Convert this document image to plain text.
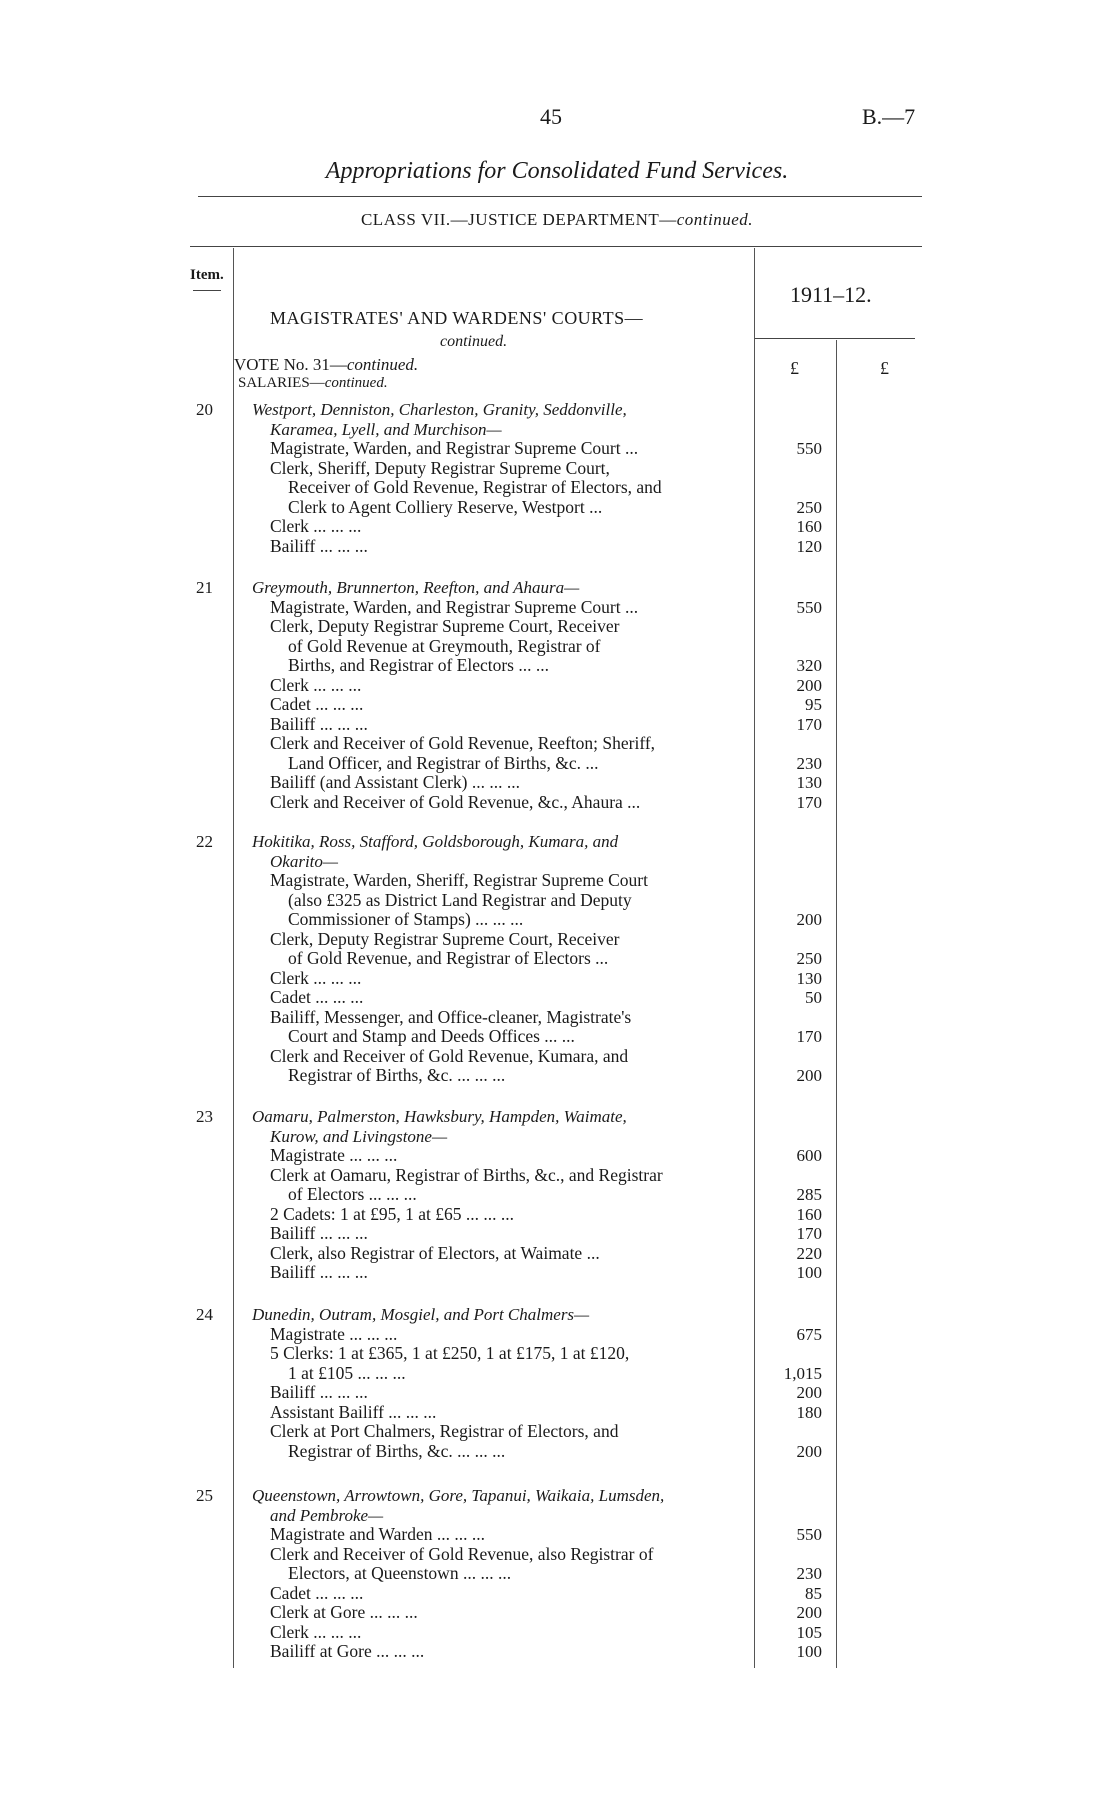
45	B.—7
Appropriations for Consolidated Fund Services.
CLASS VII.—JUSTICE DEPARTMENT—continued.
Item.
1911–12.
MAGISTRATES' AND WARDENS' COURTS—
continued.
VOTE No. 31—continued.
SALARIES—continued.
£	£
20 Westport, Denniston, Charleston, Granity, Seddonville,
Karamea, Lyell, and Murchison—
Magistrate, Warden, and Registrar Supreme Court ...	550
Clerk, Sheriff, Deputy Registrar Supreme Court,
Receiver of Gold Revenue, Registrar of Electors, and
Clerk to Agent Colliery Reserve, Westport ...	250
Clerk ... ... ...	160
Bailiff ... ... ...	120
21 Greymouth, Brunnerton, Reefton, and Ahaura—
Magistrate, Warden, and Registrar Supreme Court ...	550
Clerk, Deputy Registrar Supreme Court, Receiver
of Gold Revenue at Greymouth, Registrar of
Births, and Registrar of Electors ... ...	320
Clerk ... ... ...	200
Cadet ... ... ...	95
Bailiff ... ... ...	170
Clerk and Receiver of Gold Revenue, Reefton; Sheriff,
Land Officer, and Registrar of Births, &c. ...	230
Bailiff (and Assistant Clerk) ... ... ...	130
Clerk and Receiver of Gold Revenue, &c., Ahaura ...	170
22 Hokitika, Ross, Stafford, Goldsborough, Kumara, and
Okarito—
Magistrate, Warden, Sheriff, Registrar Supreme Court
(also £325 as District Land Registrar and Deputy
Commissioner of Stamps) ... ... ...	200
Clerk, Deputy Registrar Supreme Court, Receiver
of Gold Revenue, and Registrar of Electors ...	250
Clerk ... ... ...	130
Cadet ... ... ...	50
Bailiff, Messenger, and Office-cleaner, Magistrate's
Court and Stamp and Deeds Offices ... ...	170
Clerk and Receiver of Gold Revenue, Kumara, and
Registrar of Births, &c. ... ... ...	200
23 Oamaru, Palmerston, Hawksbury, Hampden, Waimate,
Kurow, and Livingstone—
Magistrate ... ... ...	600
Clerk at Oamaru, Registrar of Births, &c., and Registrar
of Electors ... ... ...	285
2 Cadets: 1 at £95, 1 at £65 ... ... ...	160
Bailiff ... ... ...	170
Clerk, also Registrar of Electors, at Waimate ...	220
Bailiff ... ... ...	100
24 Dunedin, Outram, Mosgiel, and Port Chalmers—
Magistrate ... ... ...	675
5 Clerks: 1 at £365, 1 at £250, 1 at £175, 1 at £120,
1 at £105 ... ... ...	1,015
Bailiff ... ... ...	200
Assistant Bailiff ... ... ...	180
Clerk at Port Chalmers, Registrar of Electors, and
Registrar of Births, &c. ... ... ...	200
25 Queenstown, Arrowtown, Gore, Tapanui, Waikaia, Lumsden,
and Pembroke—
Magistrate and Warden ... ... ...	550
Clerk and Receiver of Gold Revenue, also Registrar of
Electors, at Queenstown ... ... ...	230
Cadet ... ... ...	85
Clerk at Gore ... ... ...	200
Clerk ... ... ...	105
Bailiff at Gore ... ... ...	100
